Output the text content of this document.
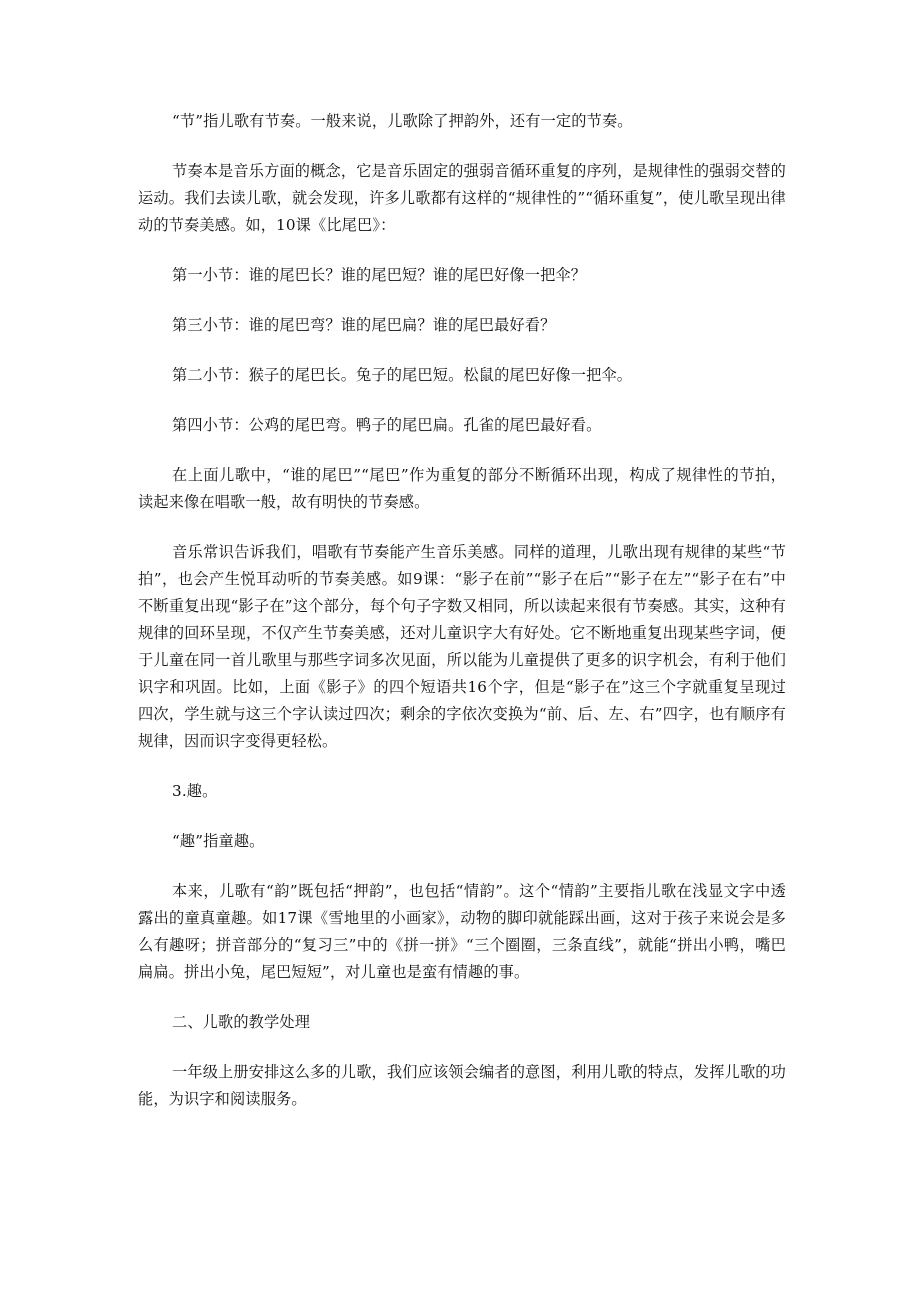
“节”指儿歌有节奏。一般来说，儿歌除了押韵外，还有一定的节奏。

节奏本是音乐方面的概念，它是音乐固定的强弱音循环重复的序列，是规律性的强弱交替的运动。我们去读儿歌，就会发现，许多儿歌都有这样的“规律性的”“循环重复”，使儿歌呈现出律动的节奏美感。如，10课《比尾巴》：

第一小节：谁的尾巴长？谁的尾巴短？谁的尾巴好像一把伞？

第三小节：谁的尾巴弯？谁的尾巴扁？谁的尾巴最好看？

第二小节：猴子的尾巴长。兔子的尾巴短。松鼠的尾巴好像一把伞。

第四小节：公鸡的尾巴弯。鸭子的尾巴扁。孔雀的尾巴最好看。

在上面儿歌中，“谁的尾巴”“尾巴”作为重复的部分不断循环出现，构成了规律性的节拍，读起来像在唱歌一般，故有明快的节奏感。

音乐常识告诉我们，唱歌有节奏能产生音乐美感。同样的道理，儿歌出现有规律的某些“节拍”，也会产生悦耳动听的节奏美感。如9课：“影子在前”“影子在后”“影子在左”“影子在右”中不断重复出现“影子在”这个部分，每个句子字数又相同，所以读起来很有节奏感。其实，这种有规律的回环呈现，不仅产生节奏美感，还对儿童识字大有好处。它不断地重复出现某些字词，便于儿童在同一首儿歌里与那些字词多次见面，所以能为儿童提供了更多的识字机会，有利于他们识字和巩固。比如，上面《影子》的四个短语共16个字，但是“影子在”这三个字就重复呈现过四次，学生就与这三个字认读过四次；剩余的字依次变换为“前、后、左、右”四字，也有顺序有规律，因而识字变得更轻松。

3.趣。

“趣”指童趣。

本来，儿歌有“韵”既包括“押韵”，也包括“情韵”。这个“情韵”主要指儿歌在浅显文字中透露出的童真童趣。如17课《雪地里的小画家》，动物的脚印就能踩出画，这对于孩子来说会是多么有趣呀；拼音部分的“复习三”中的《拼一拼》“三个圈圈，三条直线”，就能“拼出小鸭，嘴巴扁扁。拼出小兔，尾巴短短”，对儿童也是蛮有情趣的事。

二、儿歌的教学处理

一年级上册安排这么多的儿歌，我们应该领会编者的意图，利用儿歌的特点，发挥儿歌的功能，为识字和阅读服务。
